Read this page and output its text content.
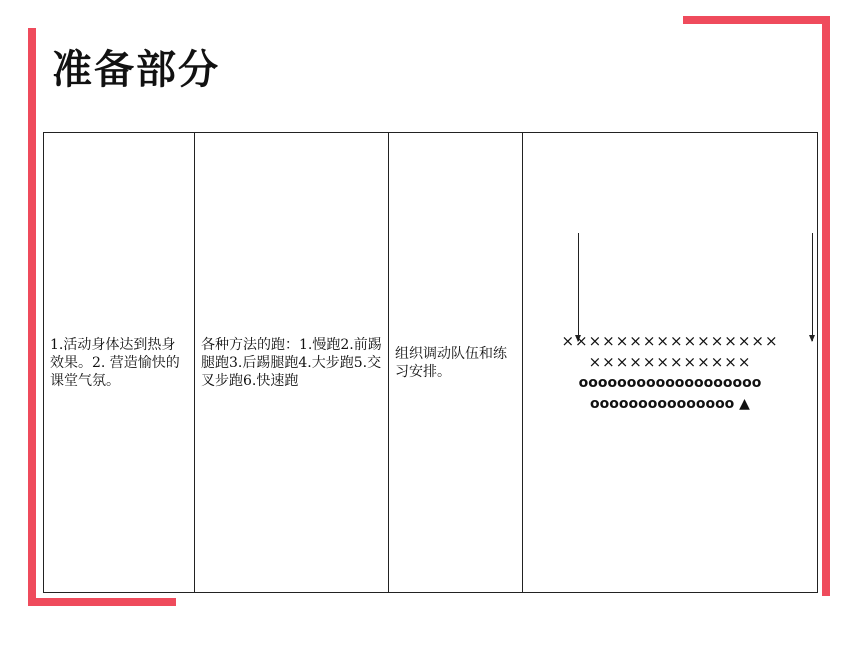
准备部分
1.活动身体达到热身效果。2. 营造愉快的课堂气氛。	各种方法的跑：1.慢跑2.前踢腿跑3.后踢腿跑4.大步跑5.交叉步跑6.快速跑	组织调动队伍和练习安排。	
××××××××××××××××
××××××××××××
ooooooooooooooooooo
ooooooooooooooo ▲
